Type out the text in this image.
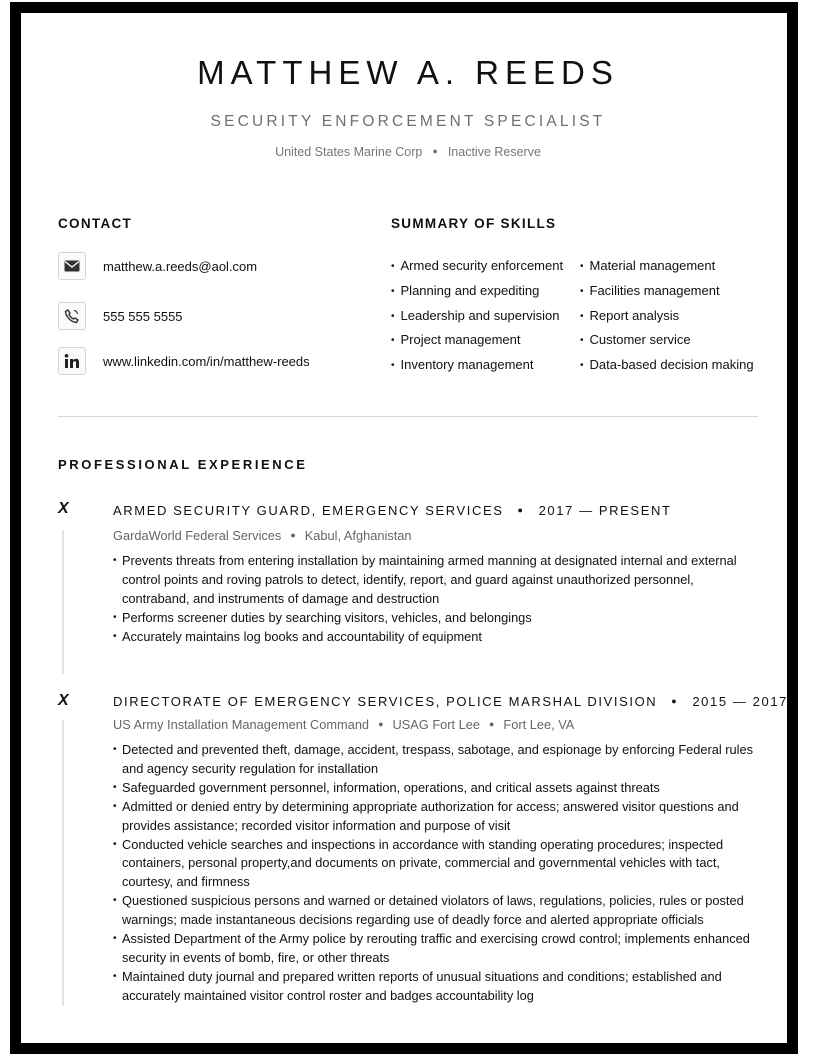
MATTHEW A. REEDS
SECURITY ENFORCEMENT SPECIALIST
United States Marine Corp ● Inactive Reserve
CONTACT
matthew.a.reeds@aol.com
555 555 5555
www.linkedin.com/in/matthew-reeds
SUMMARY OF SKILLS
• Armed security enforcement
• Planning and expediting
• Leadership and supervision
• Project management
• Inventory management
• Material management
• Facilities management
• Report analysis
• Customer service
• Data-based decision making
PROFESSIONAL EXPERIENCE
X	ARMED SECURITY GUARD, EMERGENCY SERVICES ● 2017 — PRESENT
GardaWorld Federal Services ● Kabul, Afghanistan
• Prevents threats from entering installation by maintaining armed manning at designated internal and external control points and roving patrols to detect, identify, report, and guard against unauthorized personnel, contraband, and instruments of damage and destruction
• Performs screener duties by searching visitors, vehicles, and belongings
• Accurately maintains log books and accountability of equipment
X	DIRECTORATE OF EMERGENCY SERVICES, POLICE MARSHAL DIVISION ● 2015 — 2017
US Army Installation Management Command ● USAG Fort Lee ● Fort Lee, VA
• Detected and prevented theft, damage, accident, trespass, sabotage, and espionage by enforcing Federal rules and agency security regulation for installation
• Safeguarded government personnel, information, operations, and critical assets against threats
• Admitted or denied entry by determining appropriate authorization for access; answered visitor questions and provides assistance; recorded visitor information and purpose of visit
• Conducted vehicle searches and inspections in accordance with standing operating procedures; inspected containers, personal property,and documents on private, commercial and governmental vehicles with tact, courtesy, and firmness
• Questioned suspicious persons and warned or detained violators of laws, regulations, policies, rules or posted warnings; made instantaneous decisions regarding use of deadly force and alerted appropriate officials
• Assisted Department of the Army police by rerouting traffic and exercising crowd control; implements enhanced security in events of bomb, fire, or other threats
• Maintained duty journal and prepared written reports of unusual situations and conditions; established and accurately maintained visitor control roster and badges accountability log
